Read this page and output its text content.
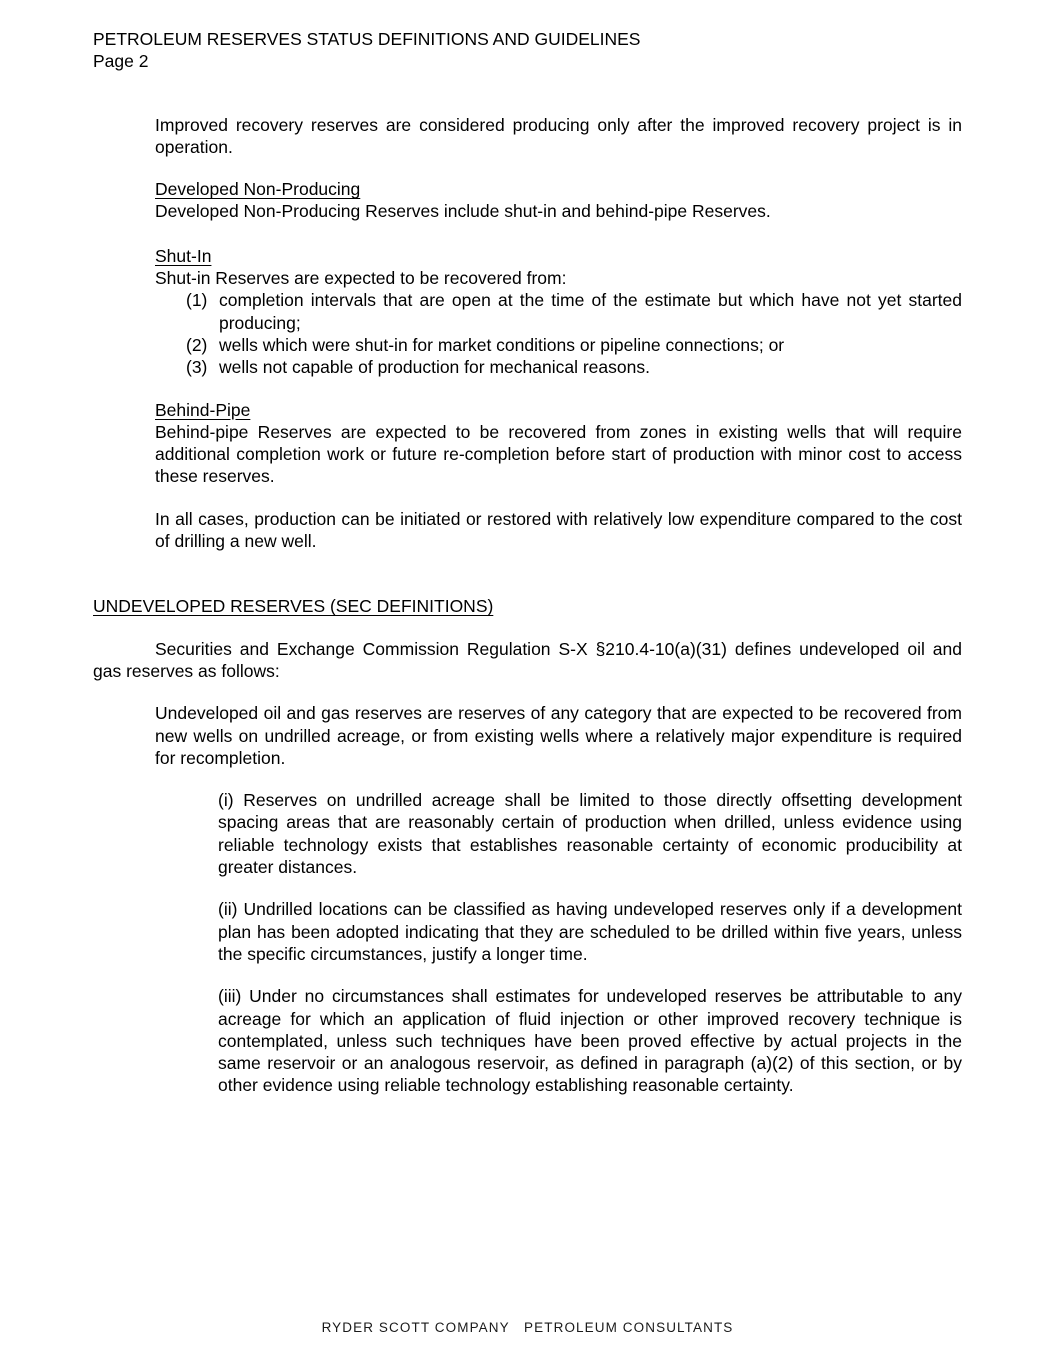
PETROLEUM RESERVES STATUS DEFINITIONS AND GUIDELINES
Page 2

Improved recovery reserves are considered producing only after the improved recovery project is in operation.

Developed Non-Producing

Developed Non-Producing Reserves include shut-in and behind-pipe Reserves.

Shut-In

Shut-in Reserves are expected to be recovered from:

(1) completion intervals that are open at the time of the estimate but which have not yet started producing;
(2) wells which were shut-in for market conditions or pipeline connections; or
(3) wells not capable of production for mechanical reasons.
Behind-Pipe

Behind-pipe Reserves are expected to be recovered from zones in existing wells that will require additional completion work or future re-completion before start of production with minor cost to access these reserves.

In all cases, production can be initiated or restored with relatively low expenditure compared to the cost of drilling a new well.

UNDEVELOPED RESERVES (SEC DEFINITIONS)

Securities and Exchange Commission Regulation S-X §210.4-10(a)(31) defines undeveloped oil and gas reserves as follows:

Undeveloped oil and gas reserves are reserves of any category that are expected to be recovered from new wells on undrilled acreage, or from existing wells where a relatively major expenditure is required for recompletion.

(i) Reserves on undrilled acreage shall be limited to those directly offsetting development spacing areas that are reasonably certain of production when drilled, unless evidence using reliable technology exists that establishes reasonable certainty of economic producibility at greater distances.

(ii) Undrilled locations can be classified as having undeveloped reserves only if a development plan has been adopted indicating that they are scheduled to be drilled within five years, unless the specific circumstances, justify a longer time.

(iii) Under no circumstances shall estimates for undeveloped reserves be attributable to any acreage for which an application of fluid injection or other improved recovery technique is contemplated, unless such techniques have been proved effective by actual projects in the same reservoir or an analogous reservoir, as defined in paragraph (a)(2) of this section, or by other evidence using reliable technology establishing reasonable certainty.

RYDER SCOTT COMPANY   PETROLEUM CONSULTANTS
